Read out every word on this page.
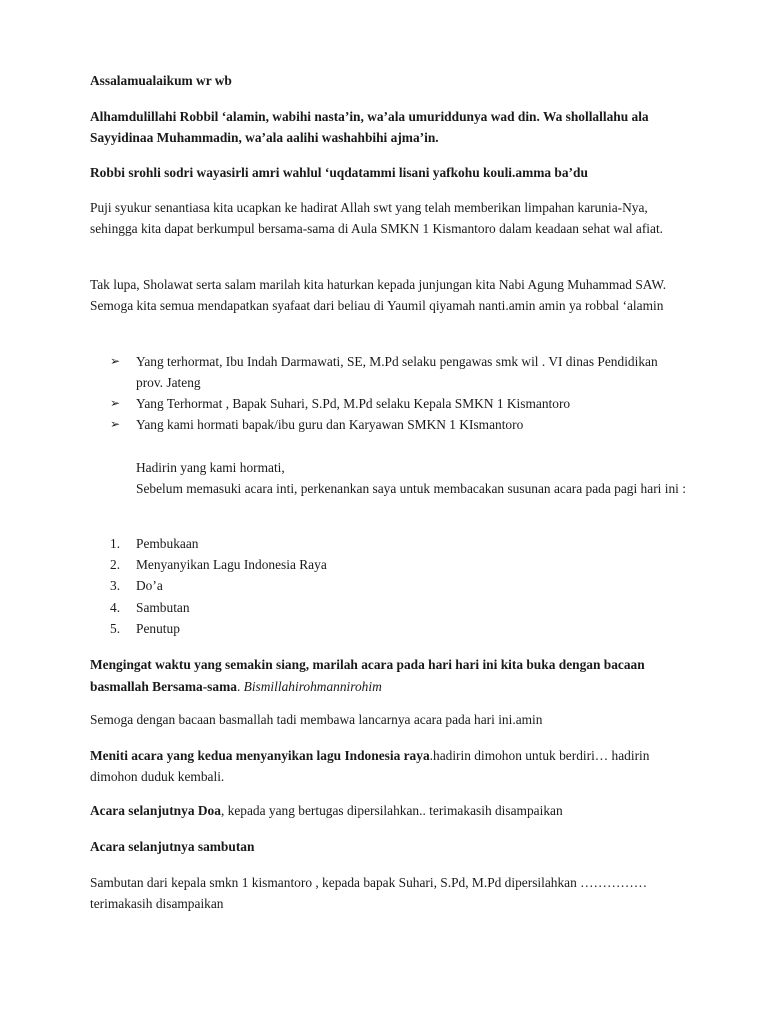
Assalamualaikum wr wb

Alhamdulillahi Robbil ‘alamin, wabihi nasta’in, wa’ala umuriddunya wad din. Wa shollallahu ala Sayyidinaa Muhammadin, wa’ala aalihi washahbihi ajma’in.

Robbi srohli sodri wayasirli amri wahlul ‘uqdatammi lisani yafkohu kouli.amma ba’du

Puji syukur senantiasa kita ucapkan ke hadirat Allah swt yang telah memberikan limpahan karunia-Nya, sehingga kita dapat berkumpul bersama-sama di Aula SMKN 1 Kismantoro dalam keadaan sehat wal afiat.

Tak lupa, Sholawat serta salam marilah kita haturkan kepada junjungan kita Nabi Agung Muhammad SAW. Semoga kita semua mendapatkan syafaat dari beliau di Yaumil qiyamah nanti.amin amin ya robbal ‘alamin

➢ Yang terhormat, Ibu Indah Darmawati, SE, M.Pd selaku pengawas smk wil . VI dinas Pendidikan prov. Jateng
➢ Yang Terhormat , Bapak Suhari, S.Pd, M.Pd selaku Kepala SMKN 1 Kismantoro
➢ Yang kami hormati bapak/ibu guru dan Karyawan SMKN 1 KIsmantoro

Hadirin yang kami hormati,

Sebelum memasuki acara inti, perkenankan saya untuk membacakan susunan acara pada pagi hari ini :

1. Pembukaan
2. Menyanyikan Lagu Indonesia Raya
3. Do’a
4. Sambutan
5. Penutup

Mengingat waktu yang semakin siang, marilah acara pada hari hari ini kita buka dengan bacaan basmallah Bersama-sama. Bismillahirohmannirohim

Semoga dengan bacaan basmallah tadi membawa lancarnya acara pada hari ini.amin

Meniti acara yang kedua menyanyikan lagu Indonesia raya.hadirin dimohon untuk berdiri… hadirin dimohon duduk kembali.

Acara selanjutnya Doa, kepada yang bertugas dipersilahkan.. terimakasih disampaikan

Acara selanjutnya sambutan

Sambutan dari kepala smkn 1 kismantoro , kepada bapak Suhari, S.Pd, M.Pd dipersilahkan ……………terimakasih disampaikan
